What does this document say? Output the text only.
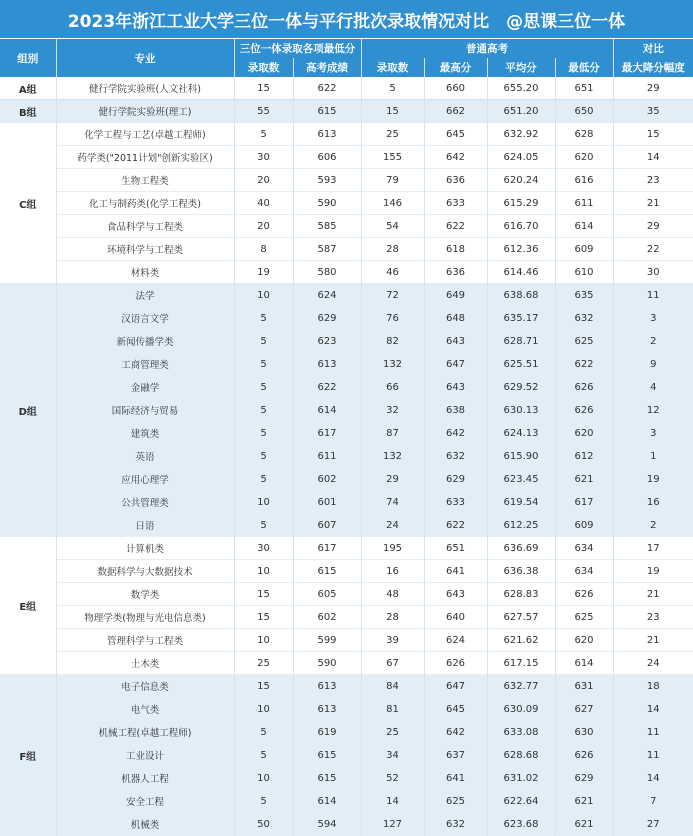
2023年浙江工业大学三位一体与平行批次录取情况对比　@思课三位一体
组别	专业	三位一体录取各项最低分		普通高考				对比
		录取数	高考成绩	录取数	最高分	平均分	最低分	最大降分幅度
A组	健行学院实验班(人文社科)	15	622	5	660	655.20	651	29
B组	健行学院实验班(理工)	55	615	15	662	651.20	650	35
C组	化学工程与工艺(卓越工程师)	5	613	25	645	632.92	628	15
	药学类("2011计划"创新实验区)	30	606	155	642	624.05	620	14
	生物工程类	20	593	79	636	620.24	616	23
	化工与制药类(化学工程类)	40	590	146	633	615.29	611	21
	食品科学与工程类	20	585	54	622	616.70	614	29
	环境科学与工程类	8	587	28	618	612.36	609	22
	材料类	19	580	46	636	614.46	610	30
D组	法学	10	624	72	649	638.68	635	11
	汉语言文学	5	629	76	648	635.17	632	3
	新闻传播学类	5	623	82	643	628.71	625	2
	工商管理类	5	613	132	647	625.51	622	9
	金融学	5	622	66	643	629.52	626	4
	国际经济与贸易	5	614	32	638	630.13	626	12
	建筑类	5	617	87	642	624.13	620	3
	英语	5	611	132	632	615.90	612	1
	应用心理学	5	602	29	629	623.45	621	19
	公共管理类	10	601	74	633	619.54	617	16
	日语	5	607	24	622	612.25	609	2
E组	计算机类	30	617	195	651	636.69	634	17
	数据科学与大数据技术	10	615	16	641	636.38	634	19
	数学类	15	605	48	643	628.83	626	21
	物理学类(物理与光电信息类)	15	602	28	640	627.57	625	23
	管理科学与工程类	10	599	39	624	621.62	620	21
	土木类	25	590	67	626	617.15	614	24
F组	电子信息类	15	613	84	647	632.77	631	18
	电气类	10	613	81	645	630.09	627	14
	机械工程(卓越工程师)	5	619	25	642	633.08	630	11
	工业设计	5	615	34	637	628.68	626	11
	机器人工程	10	615	52	641	631.02	629	14
	安全工程	5	614	14	625	622.64	621	7
	机械类	50	594	127	632	623.68	621	27
